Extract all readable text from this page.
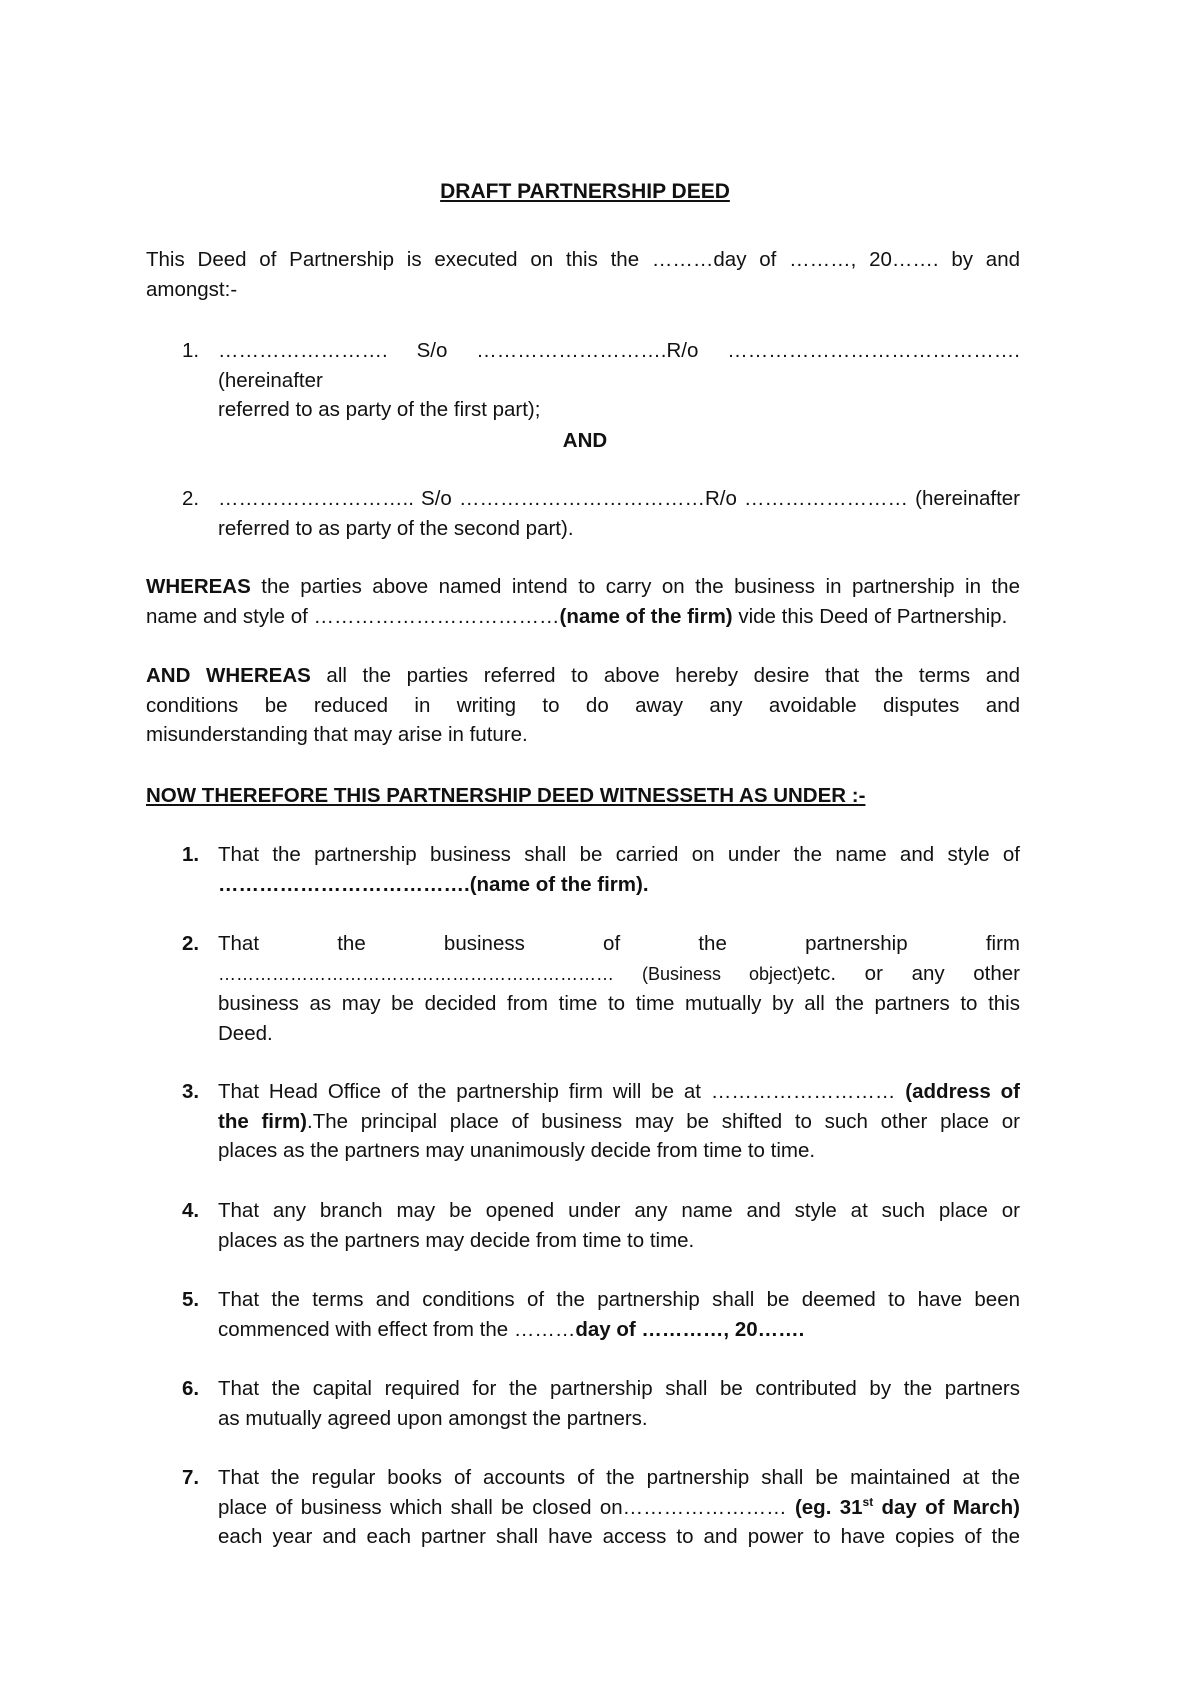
DRAFT PARTNERSHIP DEED
This Deed of Partnership is executed on this the ………day of ………, 20……. by and
amongst:-
1. ……………………. S/o ……………………….R/o ……………………………………. (hereinafter
referred to as party of the first part);
AND
2. ……………………….. S/o ………………………………R/o …………………… (hereinafter
referred to as party of the second part).
WHEREAS the parties above named intend to carry on the business in partnership in the
name and style of ………………………………(name of the firm) vide this Deed of Partnership.
AND WHEREAS all the parties referred to above hereby desire that the terms and
conditions be reduced in writing to do away any avoidable disputes and
misunderstanding that may arise in future.
NOW THEREFORE THIS PARTNERSHIP DEED WITNESSETH AS UNDER :-
1. That the partnership business shall be carried on under the name and style of
……………………………….(name of the firm).
2. That the business of the partnership firm
………………………………………………………… (Business object)etc. or any other
business as may be decided from time to time mutually by all the partners to this
Deed.
3. That Head Office of the partnership firm will be at ……………………… (address of
the firm).The principal place of business may be shifted to such other place or
places as the partners may unanimously decide from time to time.
4. That any branch may be opened under any name and style at such place or
places as the partners may decide from time to time.
5. That the terms and conditions of the partnership shall be deemed to have been
commenced with effect from the ………day of …………, 20…….
6. That the capital required for the partnership shall be contributed by the partners
as mutually agreed upon amongst the partners.
7. That the regular books of accounts of the partnership shall be maintained at the
place of business which shall be closed on…………………… (eg. 31st day of March)
each year and each partner shall have access to and power to have copies of the
